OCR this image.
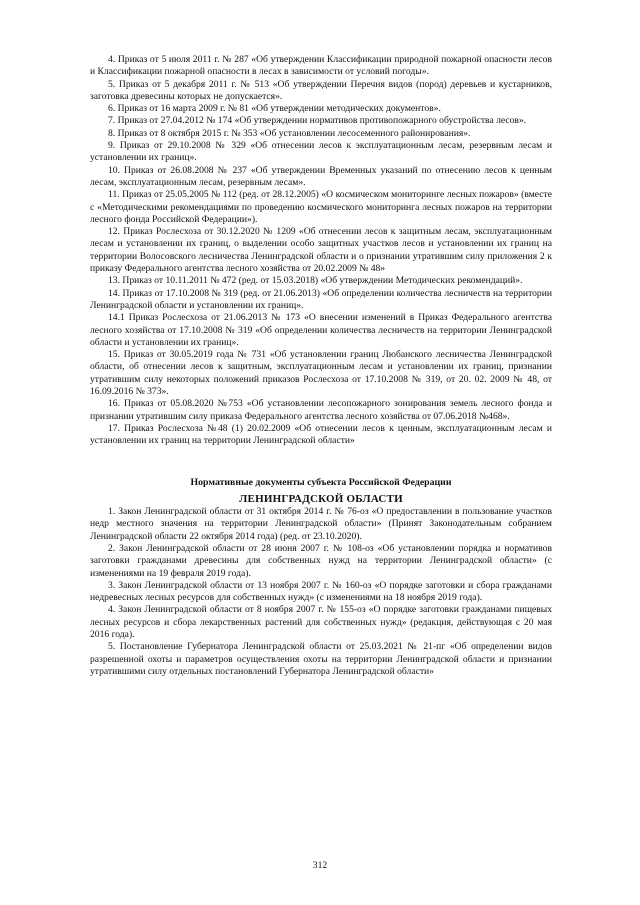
4. Приказ от 5 июля 2011 г. № 287 «Об утверждении Классификации природной пожарной опасности лесов и Классификации пожарной опасности в лесах в зависимости от условий погоды».

5. Приказ от 5 декабря 2011 г. № 513 «Об утверждении Перечня видов (пород) деревьев и кустарников, заготовка древесины которых не допускается».

6. Приказ от 16 марта 2009 г. № 81 «Об утверждении методических документов».

7. Приказ от 27.04.2012 № 174 «Об утверждении нормативов противопожарного обустройства лесов».

8. Приказ от 8 октября 2015 г. № 353 «Об установлении лесосеменного районирования».

9. Приказ от 29.10.2008 № 329 «Об отнесении лесов к эксплуатационным лесам, резервным лесам и установлении их границ».

10. Приказ от 26.08.2008 № 237 «Об утверждении Временных указаний по отнесению лесов к ценным лесам, эксплуатационным лесам, резервным лесам».

11. Приказ от 25.05.2005 № 112 (ред. от 28.12.2005) «О космическом мониторинге лесных пожаров» (вместе с «Методическими рекомендациями по проведению космического мониторинга лесных пожаров на территории лесного фонда Российской Федерации»).

12. Приказ Рослесхоза от 30.12.2020 № 1209 «Об отнесении лесов к защитным лесам, эксплуатационным лесам и установлении их границ, о выделении особо защитных участков лесов и установлении их границ на территории Волосовского лесничества Ленинградской области и о признании утратившим силу приложения 2 к приказу Федерального агентства лесного хозяйства от 20.02.2009 № 48»

13. Приказ от 10.11.2011 № 472 (ред. от 15.03.2018) «Об утверждении Методических рекомендаций».

14. Приказ от 17.10.2008 № 319 (ред. от 21.06.2013) «Об определении количества лесничеств на территории Ленинградской области и установлении их границ».

14.1 Приказ Рослесхоза от 21.06.2013 № 173 «О внесении изменений в Приказ Федерального агентства лесного хозяйства от 17.10.2008 № 319 «Об определении количества лесничеств на территории Ленинградской области и установлении их границ».

15. Приказ от 30.05.2019 года № 731 «Об установлении границ Любанского лесничества Ленинградской области, об отнесении лесов к защитным, эксплуатационным лесам и установлении их границ, признании утратившим силу некоторых положений приказов Рослесхоза от 17.10.2008 № 319, от 20. 02. 2009 № 48, от 16.09.2016 № 373».

16. Приказ от 05.08.2020 №753 «Об установлении лесопожарного зонирования земель лесного фонда и признании утратившим силу приказа Федерального агентства лесного хозяйства от 07.06.2018 №468».

17. Приказ Рослесхоза №48 (1) 20.02.2009 «Об отнесении лесов к ценным, эксплуатационным лесам и установлении их границ на территории Ленинградской области»

Нормативные документы субъекта Российской Федерации

ЛЕНИНГРАДСКОЙ ОБЛАСТИ

1. Закон Ленинградской области от 31 октября 2014 г. № 76-оз «О предоставлении в пользование участков недр местного значения на территории Ленинградской области» (Принят Законодательным собранием Ленинградской области 22 октября 2014 года) (ред. от 23.10.2020).

2. Закон Ленинградской области от 28 июня 2007 г. № 108-оз «Об установлении порядка и нормативов заготовки гражданами древесины для собственных нужд на территории Ленинградской области» (с изменениями на 19 февраля 2019 года).

3. Закон Ленинградской области от 13 ноября 2007 г. № 160-оз «О порядке заготовки и сбора гражданами недревесных лесных ресурсов для собственных нужд» (с изменениями на 18 ноября 2019 года).

4. Закон Ленинградской области от 8 ноября 2007 г. № 155-оз «О порядке заготовки гражданами пищевых лесных ресурсов и сбора лекарственных растений для собственных нужд» (редакция, действующая с 20 мая 2016 года).

5. Постановление Губернатора Ленинградской области от 25.03.2021 № 21-пг «Об определении видов разрешенной охоты и параметров осуществления охоты на территории Ленинградской области и признании утратившими силу отдельных постановлений Губернатора Ленинградской области»

312
